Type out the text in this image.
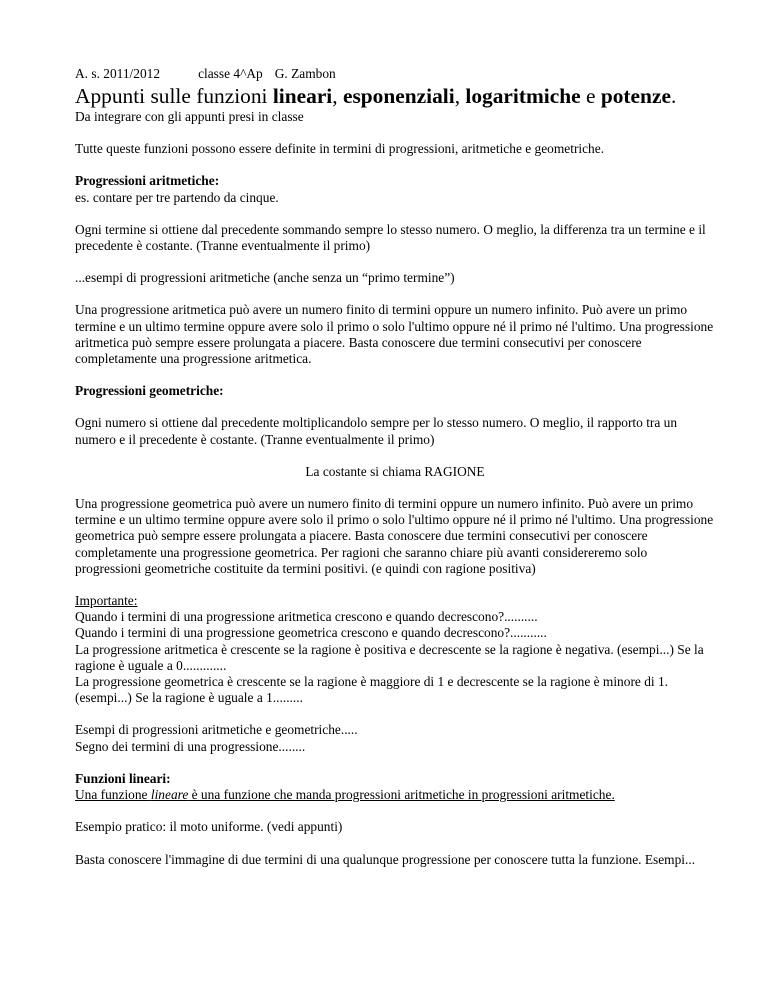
A. s. 2011/2012	classe 4^Ap G. Zambon
Appunti sulle funzioni lineari, esponenziali, logaritmiche e potenze.

Da integrare con gli appunti presi in classe

Tutte queste funzioni possono essere definite in termini di progressioni, aritmetiche e geometriche.

Progressioni aritmetiche:

es. contare per tre partendo da cinque.

Ogni termine si ottiene dal precedente sommando sempre lo stesso numero. O meglio, la differenza tra un termine e il precedente è costante. (Tranne eventualmente il primo)

...esempi di progressioni aritmetiche (anche senza un “primo termine”)

Una progressione aritmetica può avere un numero finito di termini oppure un numero infinito. Può avere un primo termine e un ultimo termine oppure avere solo il primo o solo l'ultimo oppure né il primo né l'ultimo. Una progressione aritmetica può sempre essere prolungata a piacere. Basta conoscere due termini consecutivi per conoscere completamente una progressione aritmetica.

Progressioni geometriche:

Ogni numero si ottiene dal precedente moltiplicandolo sempre per lo stesso numero. O meglio, il rapporto tra un numero e il precedente è costante. (Tranne eventualmente il primo)

La costante si chiama RAGIONE

Una progressione geometrica può avere un numero finito di termini oppure un numero infinito. Può avere un primo termine e un ultimo termine oppure avere solo il primo o solo l'ultimo oppure né il primo né l'ultimo. Una progressione geometrica può sempre essere prolungata a piacere. Basta conoscere due termini consecutivi per conoscere completamente una progressione geometrica. Per ragioni che saranno chiare più avanti considereremo solo progressioni geometriche costituite da termini positivi. (e quindi con ragione positiva)

Importante:

Quando i termini di una progressione aritmetica crescono e quando decrescono?..........

Quando i termini di una progressione geometrica crescono e quando decrescono?...........

La progressione aritmetica è crescente se la ragione è positiva e decrescente se la ragione è negativa. (esempi...) Se la ragione è uguale a 0.............

La progressione geometrica è crescente se la ragione è maggiore di 1 e decrescente se la ragione è minore di 1. (esempi...) Se la ragione è uguale a 1.........

Esempi di progressioni aritmetiche e geometriche.....

Segno dei termini di una progressione........

Funzioni lineari:

Una funzione lineare è una funzione che manda progressioni aritmetiche in progressioni aritmetiche.

Esempio pratico: il moto uniforme. (vedi appunti)

Basta conoscere l'immagine di due termini di una qualunque progressione per conoscere tutta la funzione. Esempi...
